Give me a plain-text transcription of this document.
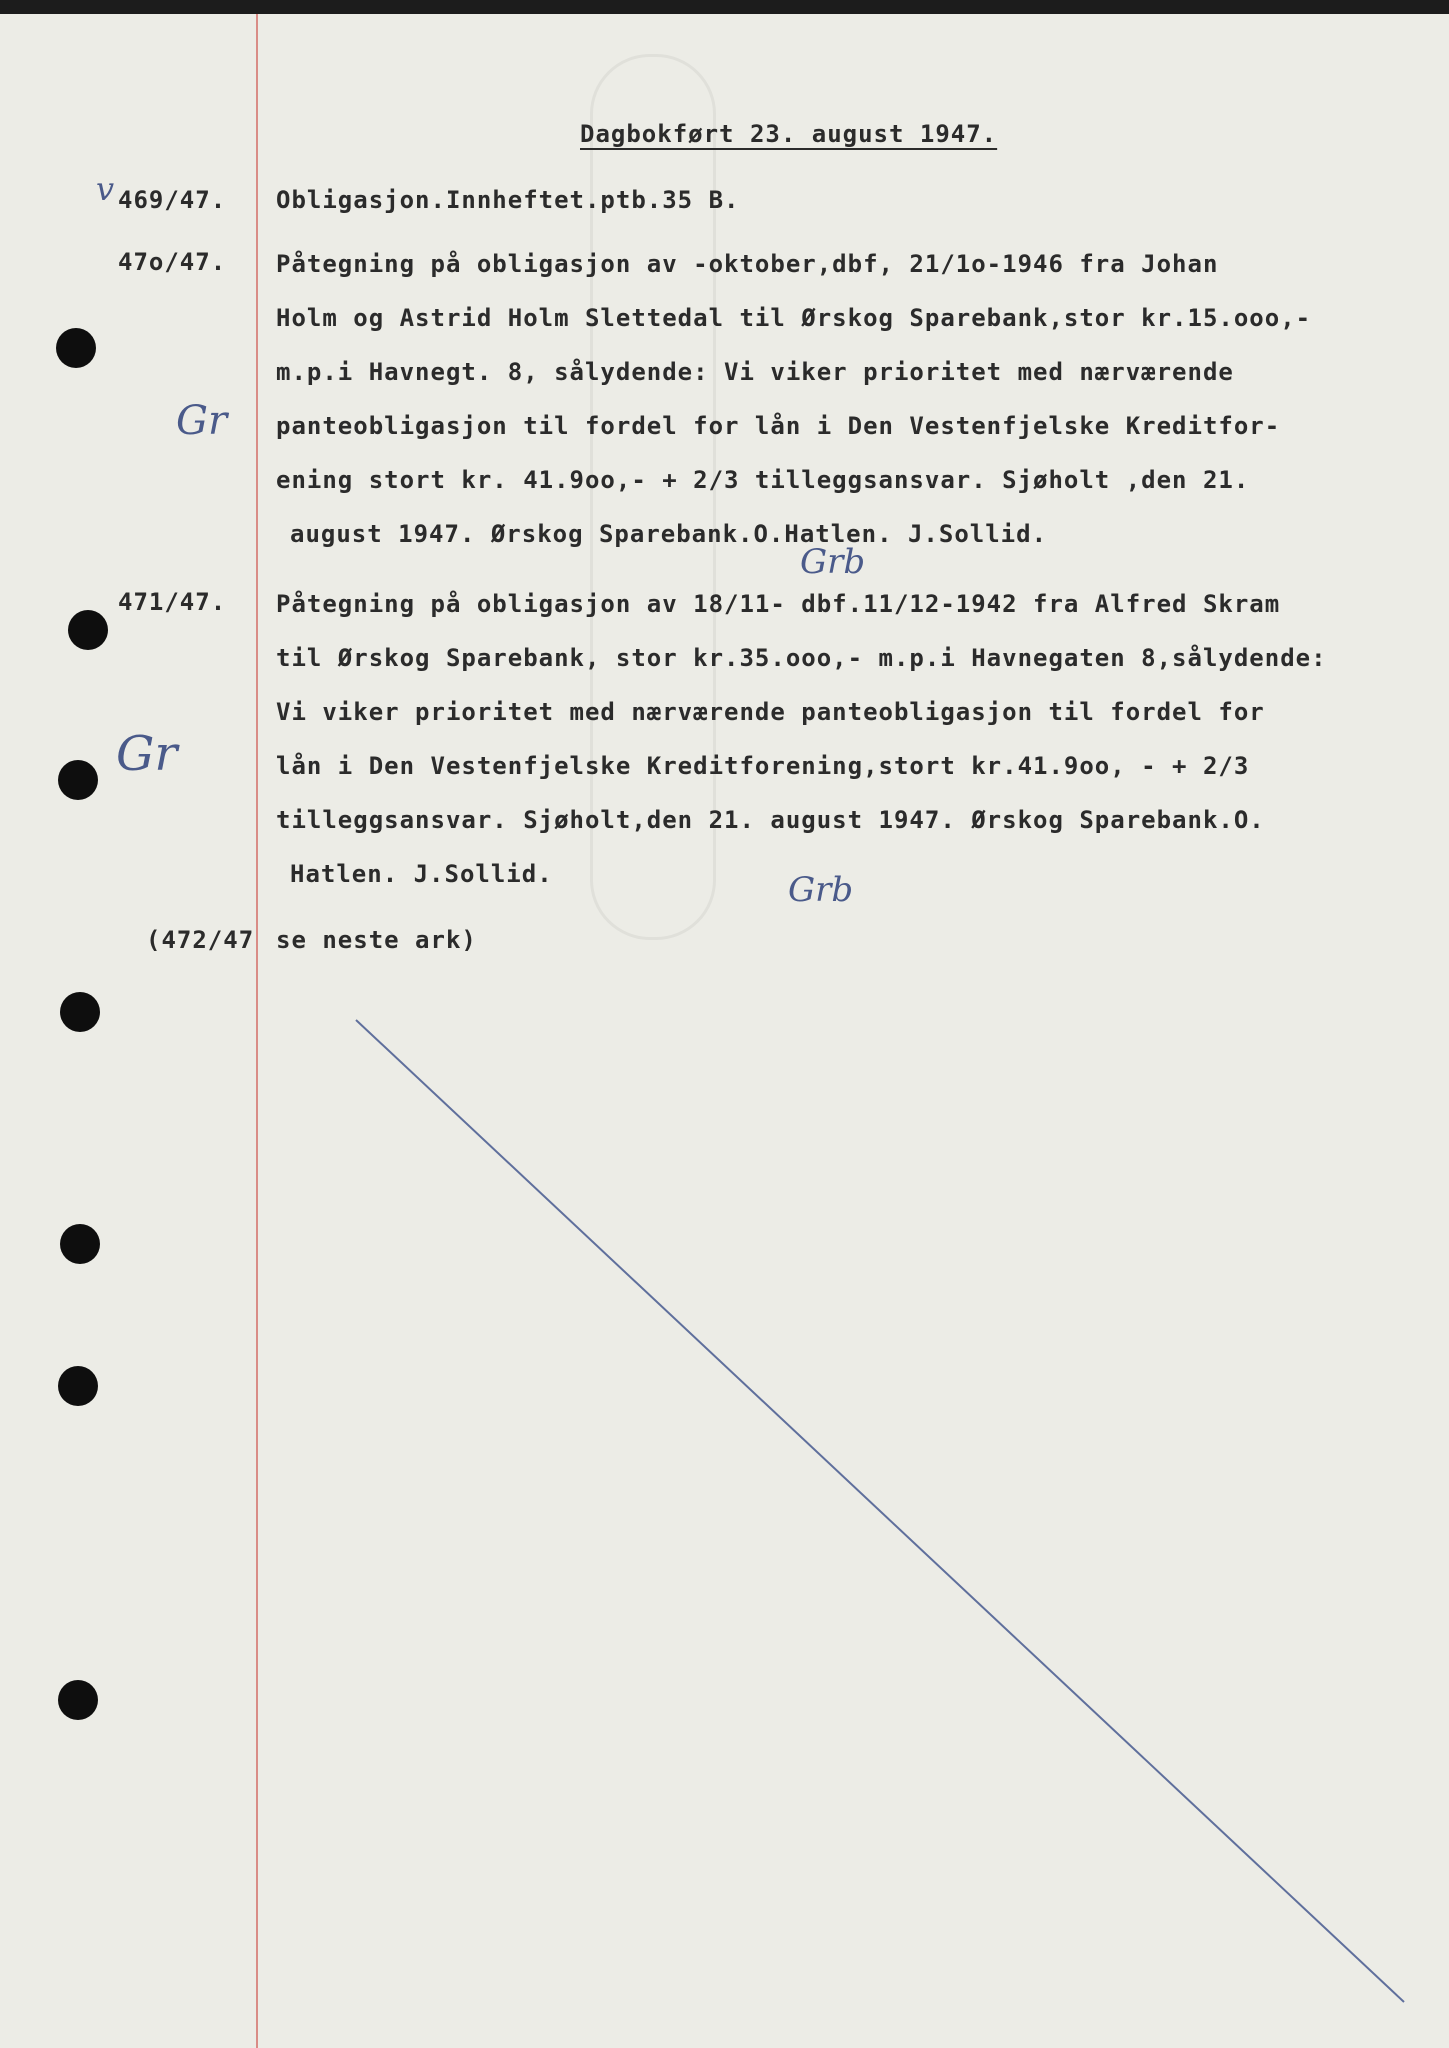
Dagbokført 23. august 1947.
469/47. Obligasjon.Innheftet.ptb.35 B.
47o/47. Påtegning på obligasjon av -oktober,dbf, 21/1o-1946 fra Johan
Holm og Astrid Holm Slettedal til Ørskog Sparebank,stor kr.15.ooo,-
m.p.i Havnegt. 8, sålydende: Vi viker prioritet med nærværende
panteobligasjon til fordel for lån i Den Vestenfjelske Kreditfor-
ening stort kr. 41.9oo,- + 2/3 tilleggsansvar. Sjøholt ,den 21.
august 1947. Ørskog Sparebank.O.Hatlen. J.Sollid.
471/47. Påtegning på obligasjon av 18/11- dbf.11/12-1942 fra Alfred Skram
til Ørskog Sparebank, stor kr.35.ooo,- m.p.i Havnegaten 8,sålydende:
Vi viker prioritet med nærværende panteobligasjon til fordel for
lån i Den Vestenfjelske Kreditforening,stort kr.41.9oo, - + 2/3
tilleggsansvar. Sjøholt,den 21. august 1947. Ørskog Sparebank.O.
Hatlen. J.Sollid.
(472/47 se neste ark)
v
Gr
Gr
Grb
Grb
